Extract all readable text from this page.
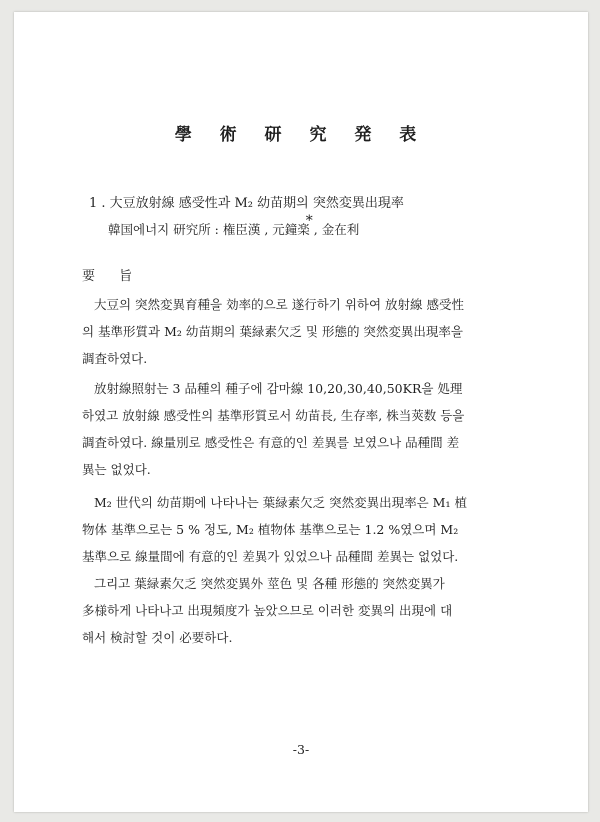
學 術 研 究 発 表
1 . 大豆放射線 感受性과 M₂ 幼苗期의 突然変異出現率
韓国에너지 研究所 : 権臣漢 , 元鐘楽*, 金在利
要 旨
大豆의 突然変異育種을 効率的으로 遂行하기 위하여 放射線 感受性
의 基準形質과 M₂ 幼苗期의 葉緑素欠乏 및 形態的 突然変異出現率을
調査하였다.
放射線照射는 3 品種의 種子에 감마線 10,20,30,40,50KR을 処理
하였고 放射線 感受性의 基準形質로서 幼苗長, 生存率, 株当莢数 등을
調査하였다. 線量別로 感受性은 有意的인 差異를 보였으나 品種間 差
異는 없었다.
M₂ 世代의 幼苗期에 나타나는 葉緑素欠乏 突然変異出現率은 M₁ 植
物体 基準으로는 5 % 정도, M₂ 植物体 基準으로는 1.2 %였으며 M₂
基準으로 線量間에 有意的인 差異가 있었으나 品種間 差異는 없었다.
그리고 葉緑素欠乏 突然変異外 莖色 및 各種 形態的 突然変異가
多様하게 나타나고 出現頻度가 높았으므로 이러한 変異의 出現에 대
해서 検討할 것이 必要하다.
-3-
